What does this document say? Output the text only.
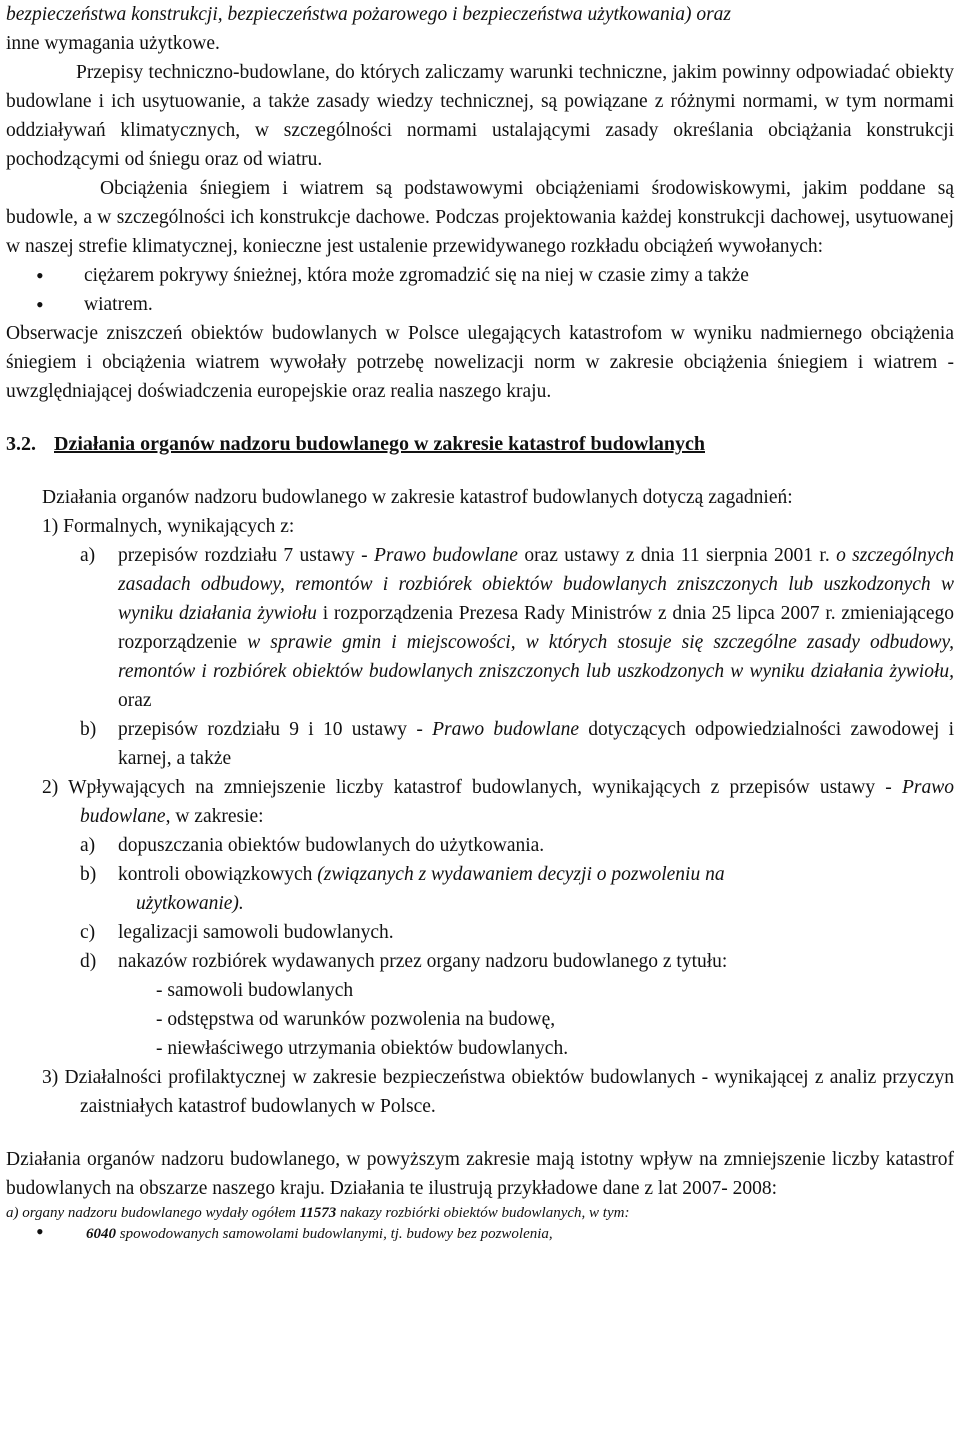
bezpieczeństwa konstrukcji, bezpieczeństwa pożarowego i bezpieczeństwa użytkowania) oraz

inne wymagania użytkowe.

Przepisy techniczno-budowlane, do których zaliczamy warunki techniczne, jakim powinny odpowiadać obiekty budowlane i ich usytuowanie, a także zasady wiedzy technicznej, są powiązane z różnymi normami, w tym normami oddziaływań klimatycznych, w szczególności normami ustalającymi zasady określania obciążania konstrukcji pochodzącymi od śniegu oraz od wiatru.

Obciążenia śniegiem i wiatrem są podstawowymi obciążeniami środowiskowymi, jakim poddane są budowle, a w szczególności ich konstrukcje dachowe. Podczas projektowania każdej konstrukcji dachowej, usytuowanej w naszej strefie klimatycznej, konieczne jest ustalenie przewidywanego rozkładu obciążeń wywołanych:

• ciężarem pokrywy śnieżnej, która może zgromadzić się na niej w czasie zimy a także
• wiatrem.

Obserwacje zniszczeń obiektów budowlanych w Polsce ulegających katastrofom w wyniku nadmiernego obciążenia śniegiem i obciążenia wiatrem wywołały potrzebę nowelizacji norm w zakresie obciążenia śniegiem i wiatrem - uwzględniającej doświadczenia europejskie oraz realia naszego kraju.

3.2. Działania organów nadzoru budowlanego w zakresie katastrof budowlanych

Działania organów nadzoru budowlanego w zakresie katastrof budowlanych dotyczą zagadnień:

1) Formalnych, wynikających z:
a) przepisów rozdziału 7 ustawy - Prawo budowlane oraz ustawy z dnia 11 sierpnia 2001 r. o szczególnych zasadach odbudowy, remontów i rozbiórek obiektów budowlanych zniszczonych lub uszkodzonych w wyniku działania żywiołu i rozporządzenia Prezesa Rady Ministrów z dnia 25 lipca 2007 r. zmieniającego rozporządzenie w sprawie gmin i miejscowości, w których stosuje się szczególne zasady odbudowy, remontów i rozbiórek obiektów budowlanych zniszczonych lub uszkodzonych w wyniku działania żywiołu, oraz
b) przepisów rozdziału 9 i 10 ustawy - Prawo budowlane dotyczących odpowiedzialności zawodowej i karnej, a także
2) Wpływających na zmniejszenie liczby katastrof budowlanych, wynikających z przepisów ustawy - Prawo budowlane, w zakresie:
a) dopuszczania obiektów budowlanych do użytkowania.
b) kontroli obowiązkowych (związanych z wydawaniem decyzji o pozwoleniu na
użytkowanie).
c) legalizacji samowoli budowlanych.
d) nakazów rozbiórek wydawanych przez organy nadzoru budowlanego z tytułu:

- samowoli budowlanych

- odstępstwa od warunków pozwolenia na budowę,

- niewłaściwego utrzymania obiektów budowlanych.

3) Działalności profilaktycznej w zakresie bezpieczeństwa obiektów budowlanych - wynikającej z analiz przyczyn zaistniałych katastrof budowlanych w Polsce.

Działania organów nadzoru budowlanego, w powyższym zakresie mają istotny wpływ na zmniejszenie liczby katastrof budowlanych na obszarze naszego kraju. Działania te ilustrują przykładowe dane z lat 2007- 2008:

a) organy nadzoru budowlanego wydały ogółem 11573 nakazy rozbiórki obiektów budowlanych, w tym:

• 6040 spowodowanych samowolami budowlanymi, tj. budowy bez pozwolenia,
